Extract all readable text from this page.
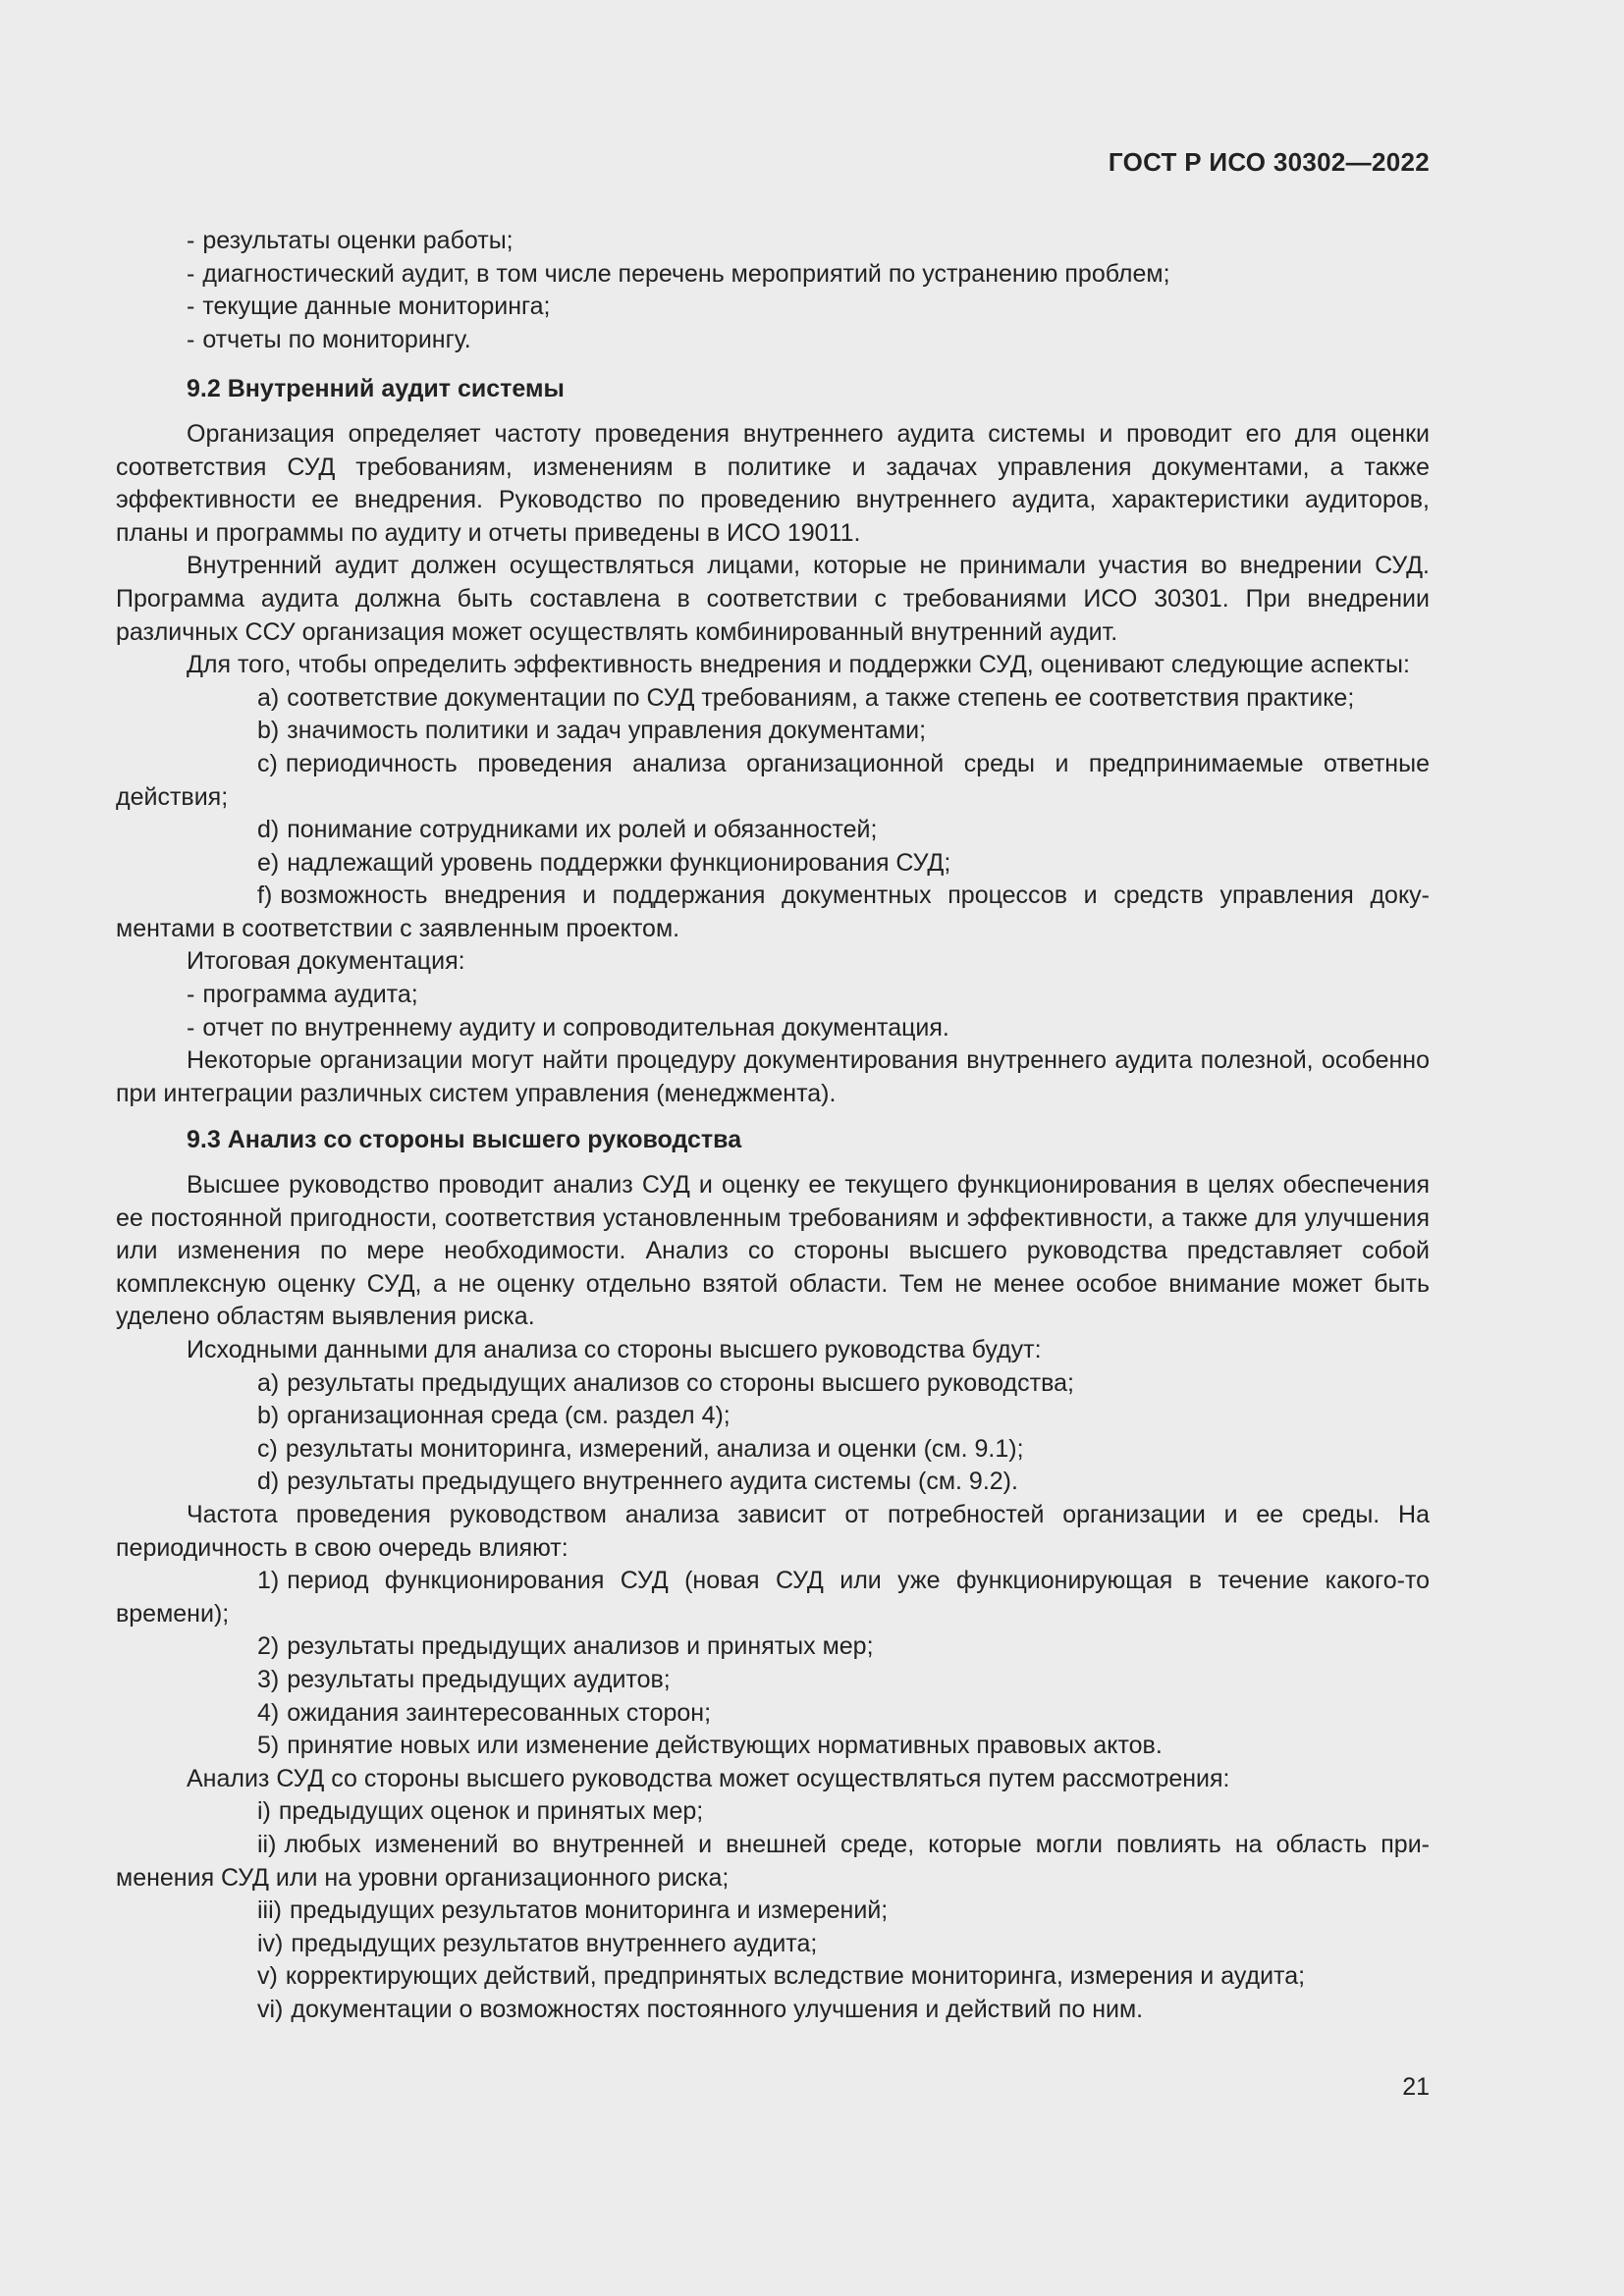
ГОСТ Р ИСО 30302—2022
- результаты оценки работы;
- диагностический аудит, в том числе перечень мероприятий по устранению проблем;
- текущие данные мониторинга;
- отчеты по мониторингу.
9.2 Внутренний аудит системы

Организация определяет частоту проведения внутреннего аудита системы и проводит его для оценки соответствия СУД требованиям, изменениям в политике и задачах управления документами, а также эффективности ее внедрения. Руководство по проведению внутреннего аудита, характеристики аудиторов, планы и программы по аудиту и отчеты приведены в ИСО 19011.

Внутренний аудит должен осуществляться лицами, которые не принимали участия во внедрении СУД. Программа аудита должна быть составлена в соответствии с требованиями ИСО 30301. При внедрении различных ССУ организация может осуществлять комбинированный внутренний аудит.

Для того, чтобы определить эффективность внедрения и поддержки СУД, оценивают следующие аспекты:

a) соответствие документации по СУД требованиям, а также степень ее соответствия практике;

b) значимость политики и задач управления документами;

c) периодичность проведения анализа организационной среды и предпринимаемые ответные действия;

d) понимание сотрудниками их ролей и обязанностей;

e) надлежащий уровень поддержки функционирования СУД;

f) возможность внедрения и поддержания документных процессов и средств управления документами в соответствии с заявленным проектом.

Итоговая документация:

- программа аудита;
- отчет по внутреннему аудиту и сопроводительная документация.

Некоторые организации могут найти процедуру документирования внутреннего аудита полезной, особенно при интеграции различных систем управления (менеджмента).

9.3 Анализ со стороны высшего руководства

Высшее руководство проводит анализ СУД и оценку ее текущего функционирования в целях обеспечения ее постоянной пригодности, соответствия установленным требованиям и эффективности, а также для улучшения или изменения по мере необходимости. Анализ со стороны высшего руководства представляет собой комплексную оценку СУД, а не оценку отдельно взятой области. Тем не менее особое внимание может быть уделено областям выявления риска.

Исходными данными для анализа со стороны высшего руководства будут:

a) результаты предыдущих анализов со стороны высшего руководства;

b) организационная среда (см. раздел 4);

c) результаты мониторинга, измерений, анализа и оценки (см. 9.1);

d) результаты предыдущего внутреннего аудита системы (см. 9.2).

Частота проведения руководством анализа зависит от потребностей организации и ее среды. На периодичность в свою очередь влияют:

1) период функционирования СУД (новая СУД или уже функционирующая в течение какого-то времени);

2) результаты предыдущих анализов и принятых мер;

3) результаты предыдущих аудитов;

4) ожидания заинтересованных сторон;

5) принятие новых или изменение действующих нормативных правовых актов.

Анализ СУД со стороны высшего руководства может осуществляться путем рассмотрения:

i) предыдущих оценок и принятых мер;

ii) любых изменений во внутренней и внешней среде, которые могли повлиять на область применения СУД или на уровни организационного риска;

iii) предыдущих результатов мониторинга и измерений;

iv) предыдущих результатов внутреннего аудита;

v) корректирующих действий, предпринятых вследствие мониторинга, измерения и аудита;

vi) документации о возможностях постоянного улучшения и действий по ним.

21
